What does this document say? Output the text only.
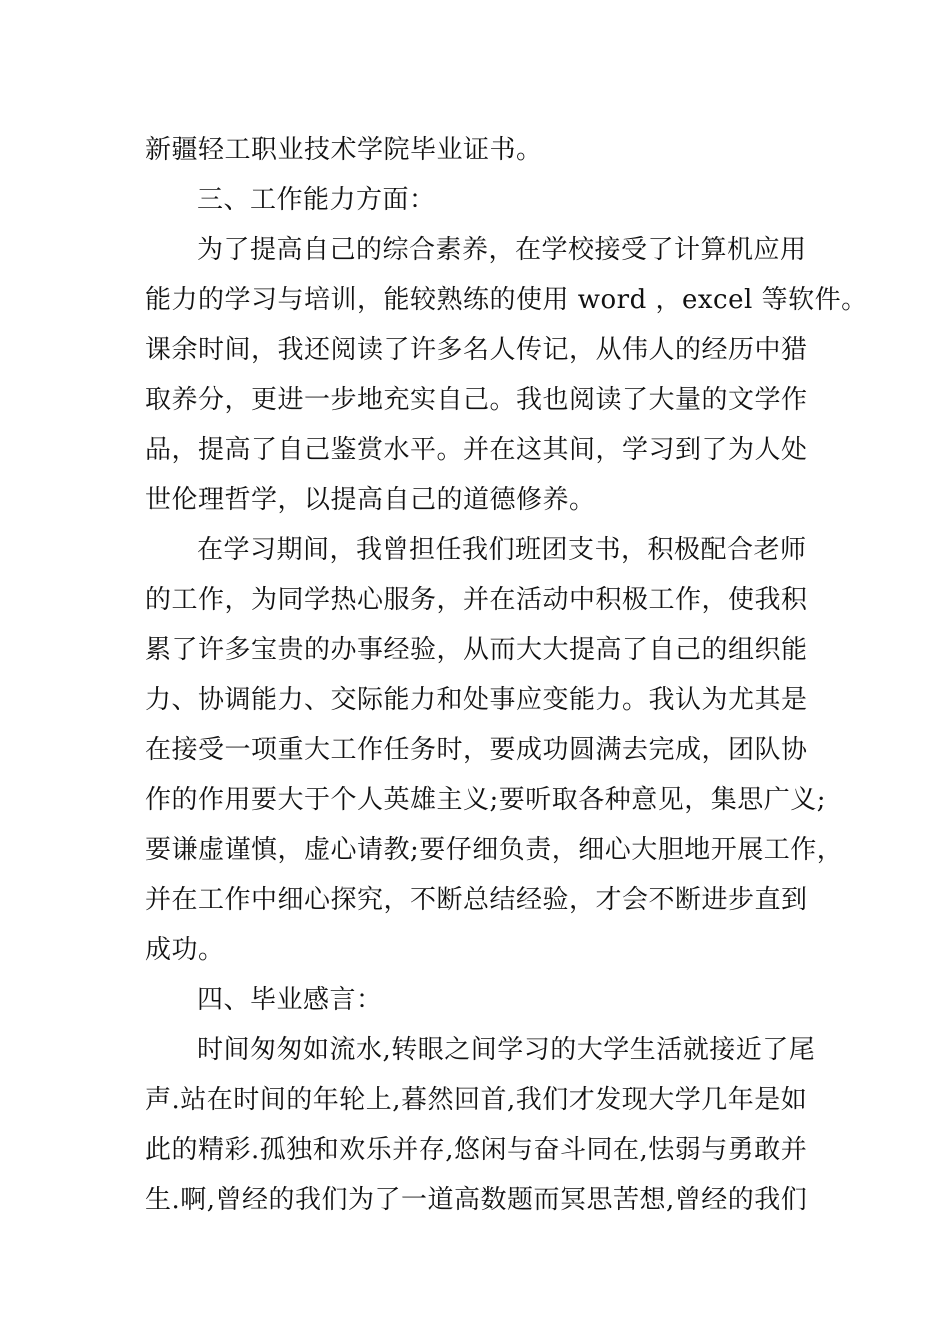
新疆轻工职业技术学院毕业证书。
三、工作能力方面：
为了提高自己的综合素养，在学校接受了计算机应用
能力的学习与培训，能较熟练的使用 word ，excel 等软件。
课余时间，我还阅读了许多名人传记，从伟人的经历中猎
取养分，更进一步地充实自己。我也阅读了大量的文学作
品，提高了自己鉴赏水平。并在这其间，学习到了为人处
世伦理哲学，以提高自己的道德修养。
在学习期间，我曾担任我们班团支书，积极配合老师
的工作，为同学热心服务，并在活动中积极工作，使我积
累了许多宝贵的办事经验，从而大大提高了自己的组织能
力、协调能力、交际能力和处事应变能力。我认为尤其是
在接受一项重大工作任务时，要成功圆满去完成，团队协
作的作用要大于个人英雄主义;要听取各种意见，集思广义;
要谦虚谨慎，虚心请教;要仔细负责，细心大胆地开展工作，
并在工作中细心探究，不断总结经验，才会不断进步直到
成功。
四、毕业感言：
时间匆匆如流水,转眼之间学习的大学生活就接近了尾
声.站在时间的年轮上,暮然回首,我们才发现大学几年是如
此的精彩.孤独和欢乐并存,悠闲与奋斗同在,怯弱与勇敢并
生.啊,曾经的我们为了一道高数题而冥思苦想,曾经的我们
